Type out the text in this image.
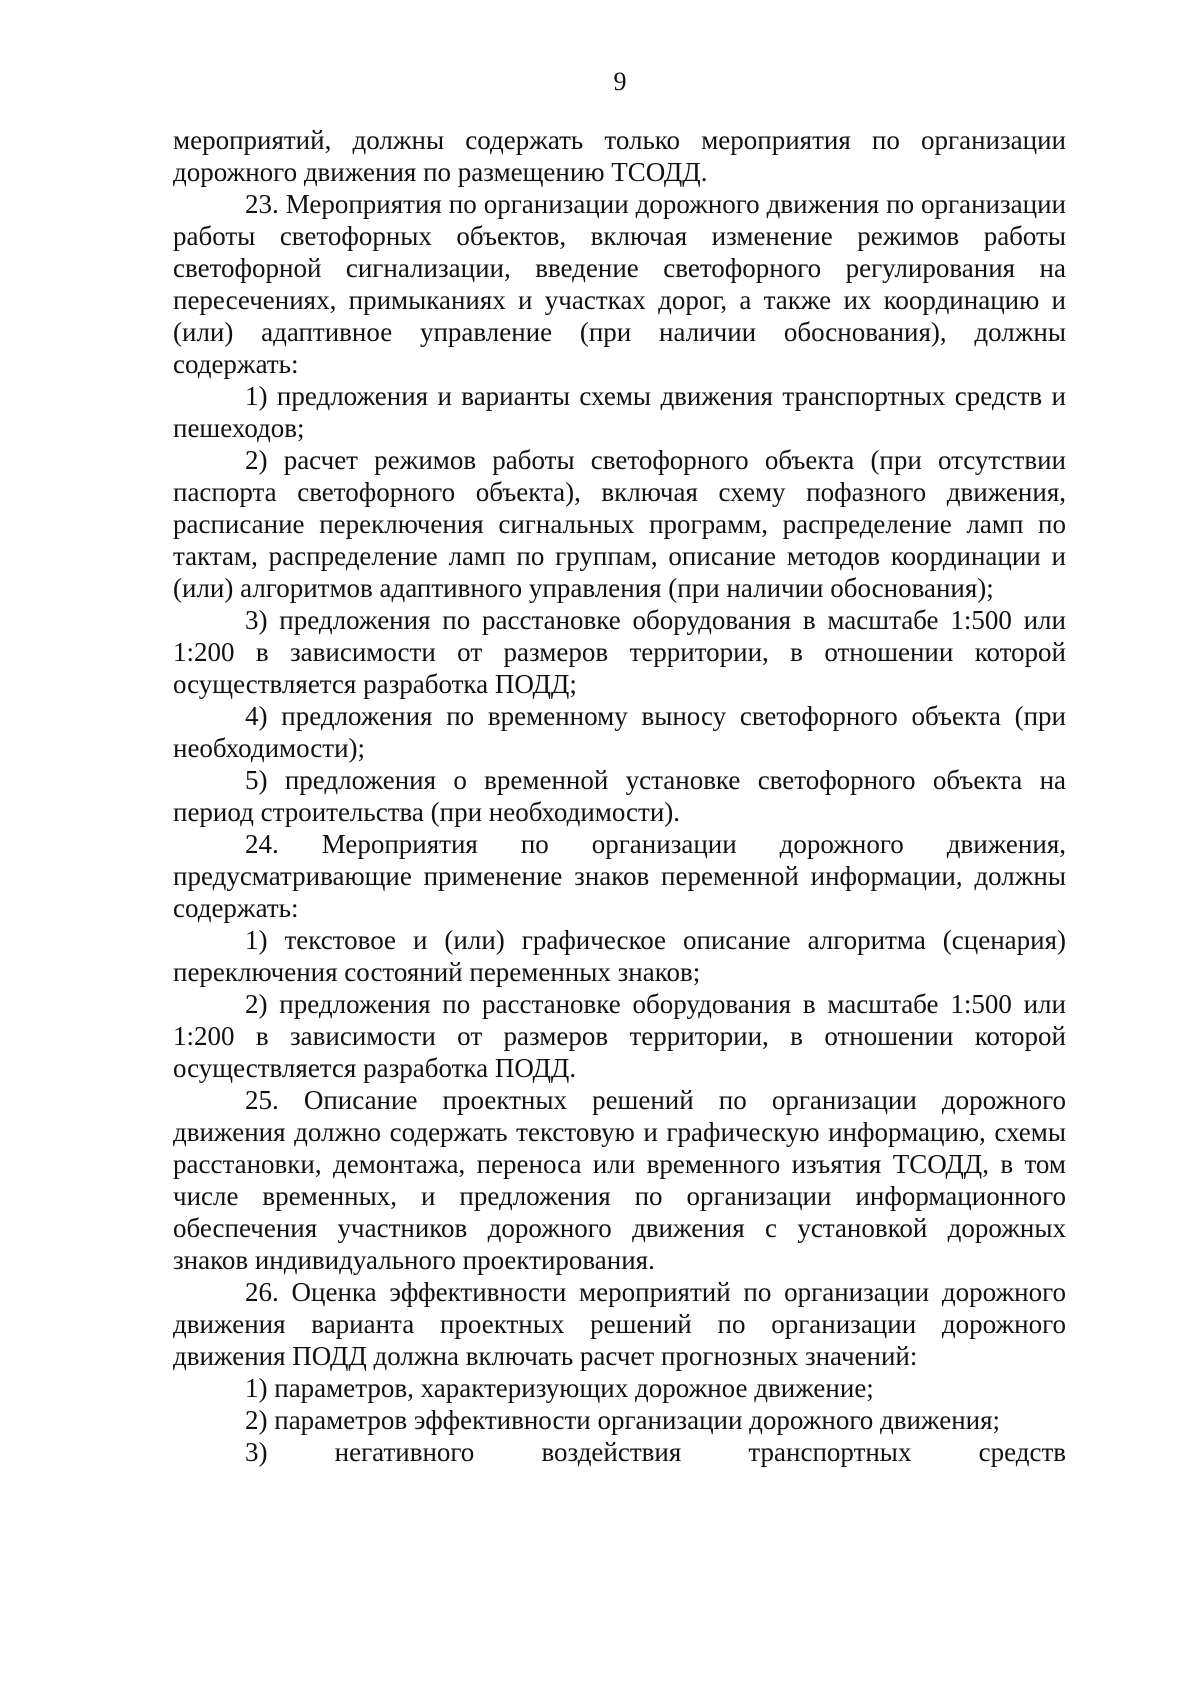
9

мероприятий, должны содержать только мероприятия по организации дорожного движения по размещению ТСОДД.

23. Мероприятия по организации дорожного движения по организации работы светофорных объектов, включая изменение режимов работы светофорной сигнализации, введение светофорного регулирования на пересечениях, примыканиях и участках дорог, а также их координацию и (или) адаптивное управление (при наличии обоснования), должны содержать:

1) предложения и варианты схемы движения транспортных средств и пешеходов;

2) расчет режимов работы светофорного объекта (при отсутствии паспорта светофорного объекта), включая схему пофазного движения, расписание переключения сигнальных программ, распределение ламп по тактам, распределение ламп по группам, описание методов координации и (или) алгоритмов адаптивного управления (при наличии обоснования);

3) предложения по расстановке оборудования в масштабе 1:500 или 1:200 в зависимости от размеров территории, в отношении которой осуществляется разработка ПОДД;

4) предложения по временному выносу светофорного объекта (при необходимости);

5) предложения о временной установке светофорного объекта на период строительства (при необходимости).

24. Мероприятия по организации дорожного движения, предусматривающие применение знаков переменной информации, должны содержать:

1) текстовое и (или) графическое описание алгоритма (сценария) переключения состояний переменных знаков;

2) предложения по расстановке оборудования в масштабе 1:500 или 1:200 в зависимости от размеров территории, в отношении которой осуществляется разработка ПОДД.

25. Описание проектных решений по организации дорожного движения должно содержать текстовую и графическую информацию, схемы расстановки, демонтажа, переноса или временного изъятия ТСОДД, в том числе временных, и предложения по организации информационного обеспечения участников дорожного движения с установкой дорожных знаков индивидуального проектирования.

26. Оценка эффективности мероприятий по организации дорожного движения варианта проектных решений по организации дорожного движения ПОДД должна включать расчет прогнозных значений:

1) параметров, характеризующих дорожное движение;

2) параметров эффективности организации дорожного движения;

3) негативного воздействия транспортных средств
